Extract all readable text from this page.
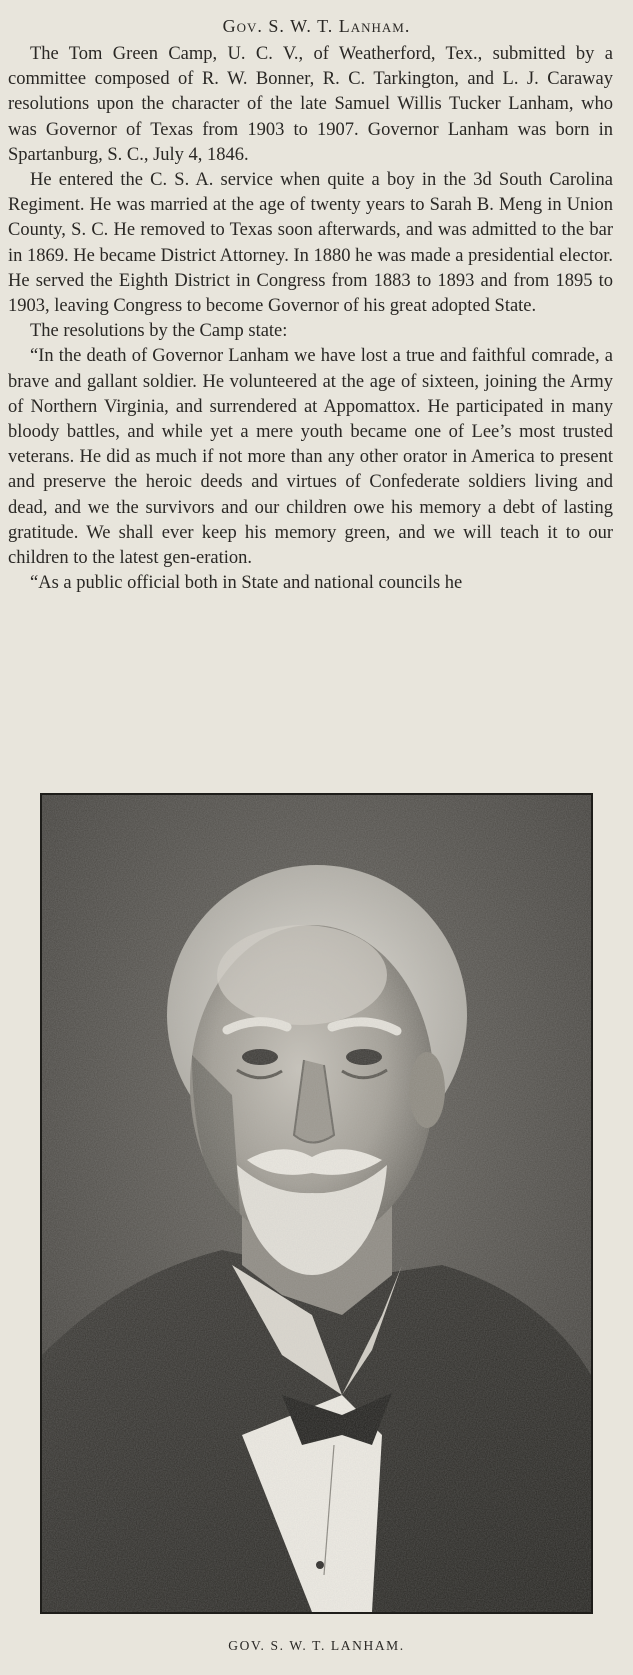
Gov. S. W. T. Lanham.

The Tom Green Camp, U. C. V., of Weatherford, Tex., submitted by a committee composed of R. W. Bonner, R. C. Tarkington, and L. J. Caraway resolutions upon the character of the late Samuel Willis Tucker Lanham, who was Governor of Texas from 1903 to 1907. Governor Lanham was born in Spartanburg, S. C., July 4, 1846.

He entered the C. S. A. service when quite a boy in the 3d South Carolina Regiment. He was married at the age of twenty years to Sarah B. Meng in Union County, S. C. He removed to Texas soon afterwards, and was admitted to the bar in 1869. He became District Attorney. In 1880 he was made a presidential elector. He served the Eighth District in Congress from 1883 to 1893 and from 1895 to 1903, leaving Congress to become Governor of his great adopted State.

The resolutions by the Camp state:

“In the death of Governor Lanham we have lost a true and faithful comrade, a brave and gallant soldier. He volunteered at the age of sixteen, joining the Army of Northern Virginia, and surrendered at Appomattox. He participated in many bloody battles, and while yet a mere youth became one of Lee’s most trusted veterans. He did as much if not more than any other orator in America to present and preserve the heroic deeds and virtues of Confederate soldiers living and dead, and we the survivors and our children owe his memory a debt of lasting gratitude. We shall ever keep his memory green, and we will teach it to our children to the latest gen-eration.

“As a public official both in State and national councils he

GOV. S. W. T. LANHAM.
